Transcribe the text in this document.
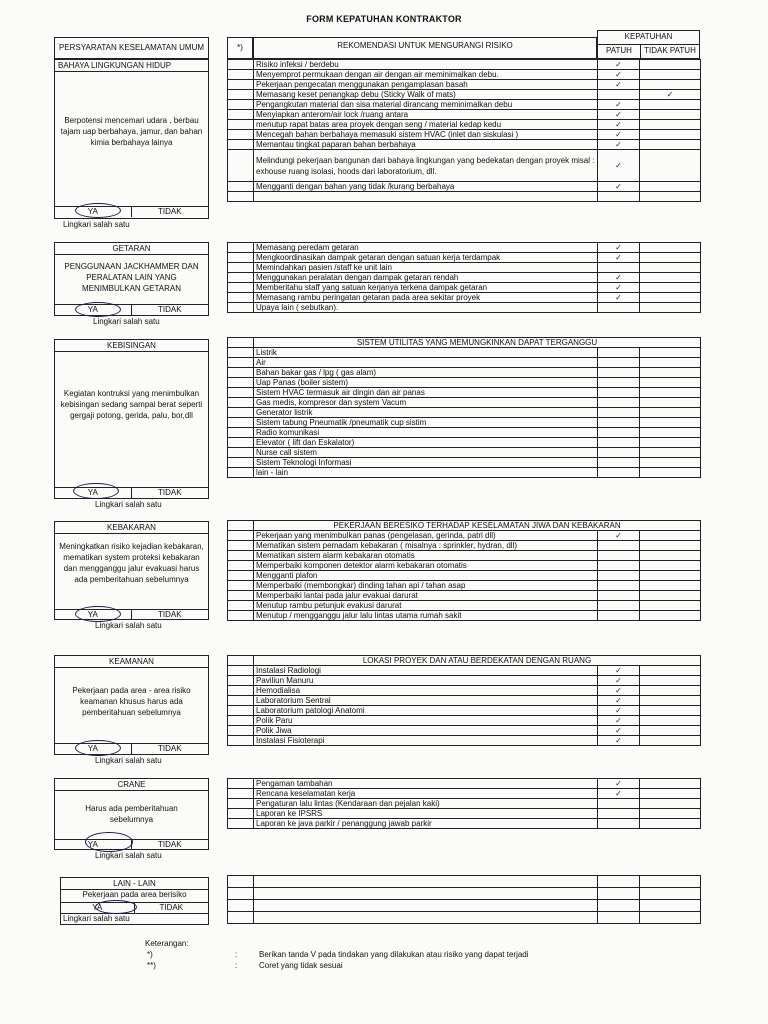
FORM KEPATUHAN KONTRAKTOR
PERSYARATAN KESELAMATAN UMUM	*)	REKOMENDASI UNTUK MENGURANGI RISIKO
KEPATUHAN
PATUH	TIDAK PATUH
BAHAYA LINGKUNGAN HIDUP
Berpotensi mencemari udara , berbau tajam uap berbahaya, jamur, dan bahan kimia berbahaya lainya
YA	TIDAK
Lingkari salah satu
GETARAN
PENGGUNAAN JACKHAMMER DAN PERALATAN LAIN YANG MENIMBULKAN GETARAN
YA	TIDAK
Lingkari salah satu
KEBISINGAN
Kegiatan kontruksi yang menimbulkan kebisingan sedang sampai berat seperti gergaji potong, gerida, palu, bor,dll
YA	TIDAK
Lingkari salah satu
KEBAKARAN
Meningkatkan risiko kejadian kebakaran, mematikan system proteksi kebakaran dan mengganggu jalur evakuasi harus ada pemberitahuan sebelumnya
YA	TIDAK
Lingkari salah satu
KEAMANAN
Pekerjaan pada area - area risiko keamanan khusus harus ada pemberitahuan sebelumnya
YA	TIDAK
Lingkari salah satu
CRANE
Harus ada pemberitahuan sebelumnya
YA	TIDAK
Lingkari salah satu
LAIN - LAIN
Pekerjaan pada area berisiko
YA	TIDAK
Lingkari salah satu
	Risiko infeksi / berdebu	✓	
	Menyemprot permukaan dengan air dengan air meminimalkan debu.	✓	
	Pekerjaan pengecatan menggunakan pengamplasan basah	✓	
	Memasang keset penangkap debu (Sticky Walk of mats)		✓
	Pengangkutan material dan sisa material dirancang meminimalkan debu	✓	
	Menyiapkan anterom/air lock /ruang antara	✓	
	menutup rapat batas area proyek dengan seng / material kedap kedu	✓	
	Mencegah bahan berbahaya memasuki sistem HVAC (inlet dan siskulasi )	✓	
	Memantau tingkat paparan bahan berbahaya	✓	
	Melindungi pekerjaan bangunan dari bahaya lingkungan yang bedekatan dengan proyek misal : exhouse ruang isolasi, hoods dari laboratorium, dll.	✓	
	Mengganti dengan bahan yang tidak /kurang berbahaya	✓	

	Memasang peredam getaran	✓	
	Mengkoordinasikan dampak getaran dengan satuan kerja terdampak	✓	
	Memindahkan pasien /staff ke unit lain		
	Menggunakan peralatan dengan dampak getaran rendah	✓	
	Memberitahu staff yang satuan kerjanya terkena dampak getaran	✓	
	Memasang rambu peringatan getaran pada area sekitar proyek	✓	
	Upaya lain ( sebutkan).		
	SISTEM UTILITAS YANG MEMUNGKINKAN DAPAT TERGANGGU		
	Listrik		
	Air		
	Bahan bakar gas / lpg ( gas alam)		
	Uap Panas (boiler sistem)		
	Sistem HVAC termasuk air dingin dan air panas		
	Gas medis, kompresor dan system Vacum		
	Generator listrik		
	Sistem tabung Pneumatik /pneumatik cup sistim		
	Radio komunikasi		
	Elevator ( lift dan Eskalator)		
	Nurse call sistem		
	Sistem Teknologi Informasi		
	lain - lain		
	PEKERJAAN BERESIKO TERHADAP KESELAMATAN JIWA DAN KEBAKARAN		
	Pekerjaan yang menimbulkan panas (pengelasan, gerinda, patri dll)	✓	
	Mematikan sistem pemadam kebakaran ( misalnya : sprinkler, hydran, dll)		
	Mematikan sistem alarm kebakaran otomatis		
	Memperbaiki komponen detektor alarm kebakaran otomatis		
	Mengganti plafon		
	Memperbaiki (membongkar) dinding tahan api / tahan asap		
	Memperbaiki lantai pada jalur evakuai darurat		
	Menutup rambu petunjuk evakusi darurat		
	Menutup / mengganggu jalur lalu lintas utama rumah sakit		
	LOKASI PROYEK DAN ATAU BERDEKATAN DENGAN RUANG		
	Instalasi Radiologi	✓	
	Paviliun Manuru	✓	
	Hemodialisa	✓	
	Laboratorium Sentral	✓	
	Laboratorium patologi Anatomi	✓	
	Polik Paru	✓	
	Polik Jiwa	✓	
	Instalasi Fisioterapi	✓	
	Pengaman tambahan	✓	
	Rencana keselamatan kerja	✓	
	Pengaturan lalu lintas (Kendaraan dan pejalan kaki)		
	Laporan ke IPSRS		
	Laporan ke java parkir / penanggung jawab parkir		

Keterangan:
*)	:	Berikan tanda V pada tindakan yang dilakukan atau risiko yang dapat terjadi
**)	:	Coret yang tidak sesuai
